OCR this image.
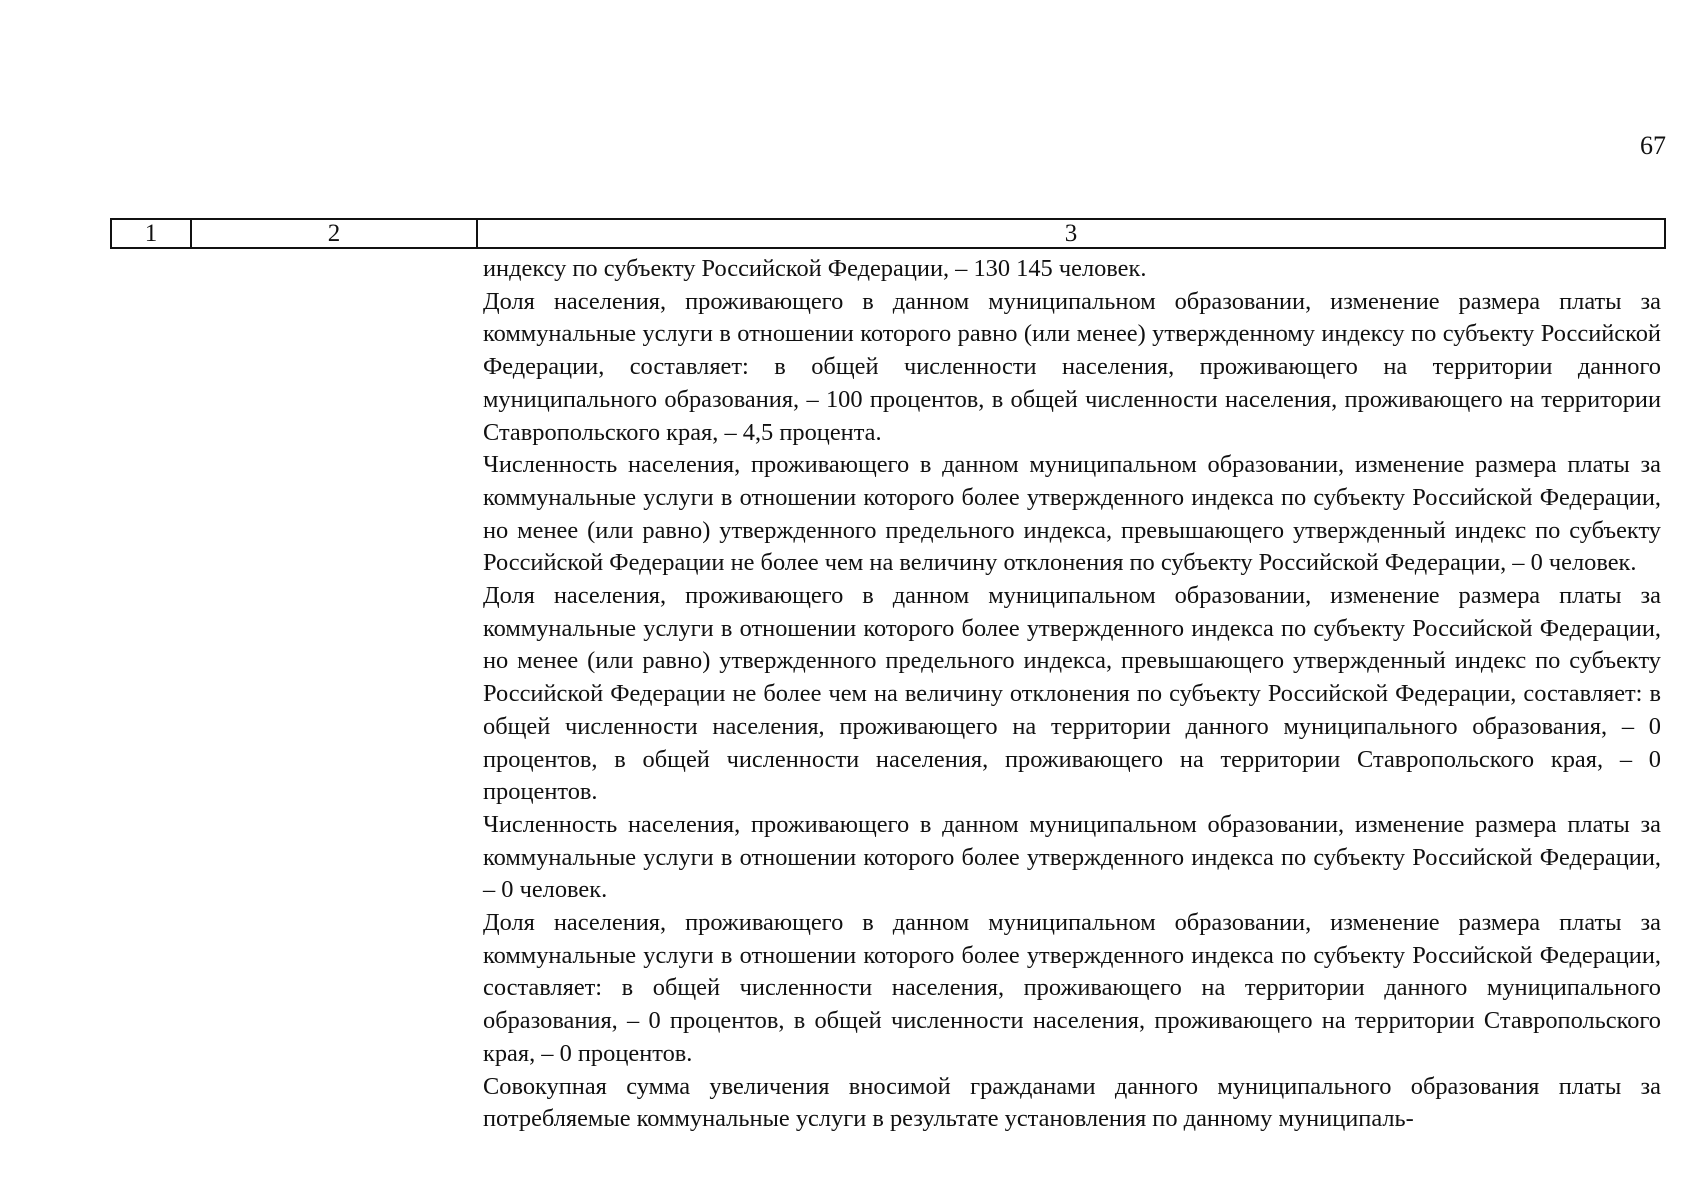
67
1	2	3

индексу по субъекту Российской Федерации, – 130 145 человек.

Доля населения, проживающего в данном муниципальном образовании, изменение размера платы за коммунальные услуги в отношении которого равно (или менее) утвержденному индексу по субъекту Российской Федерации, составляет: в общей численности населения, проживающего на территории данного муниципального образования, – 100 процентов, в общей численности населения, проживающего на территории Ставропольского края, – 4,5 процента.

Численность населения, проживающего в данном муниципальном образовании, изменение размера платы за коммунальные услуги в отношении которого более утвержденного индекса по субъекту Российской Федерации, но менее (или равно) утвержденного предельного индекса, превышающего утвержденный индекс по субъекту Российской Федерации не более чем на величину отклонения по субъекту Российской Федерации, – 0 человек.

Доля населения, проживающего в данном муниципальном образовании, изменение размера платы за коммунальные услуги в отношении которого более утвержденного индекса по субъекту Российской Федерации, но менее (или равно) утвержденного предельного индекса, превышающего утвержденный индекс по субъекту Российской Федерации не более чем на величину отклонения по субъекту Российской Федерации, составляет: в общей численности населения, проживающего на территории данного муниципального образования, – 0 процентов, в общей численности населения, проживающего на территории Ставропольского края, – 0 процентов.

Численность населения, проживающего в данном муниципальном образовании, изменение размера платы за коммунальные услуги в отношении которого более утвержденного индекса по субъекту Российской Федерации, – 0 человек.

Доля населения, проживающего в данном муниципальном образовании, изменение размера платы за коммунальные услуги в отношении которого более утвержденного индекса по субъекту Российской Федерации, составляет: в общей численности населения, проживающего на территории данного муниципального образования, – 0 процентов, в общей численности населения, проживающего на территории Ставропольского края, – 0 процентов.

Совокупная сумма увеличения вносимой гражданами данного муниципального образования платы за потребляемые коммунальные услуги в результате установления по данному муниципаль-
